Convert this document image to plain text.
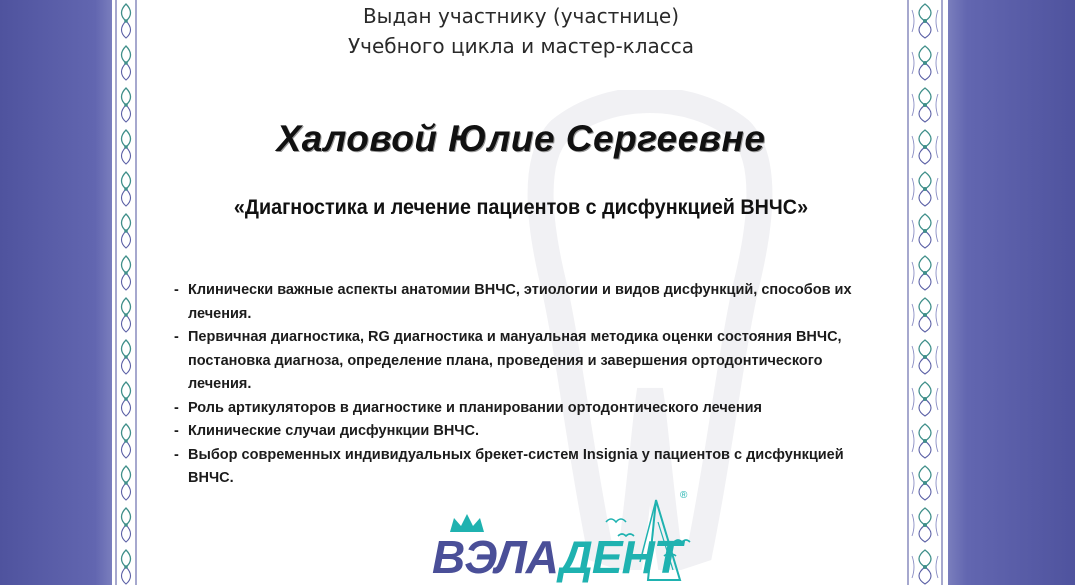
Выдан участнику (участнице)
Учебного цикла и мастер-класса
Халовой Юлие Сергеевне
«Диагностика и лечение пациентов с дисфункцией ВНЧС»
- Клинически важные аспекты анатомии ВНЧС, этиологии и видов дисфункций, способов их лечения.
- Первичная диагностика, RG диагностика и мануальная методика оценки состояния ВНЧС, постановка диагноза, определение плана, проведения и завершения ортодонтического лечения.
- Роль артикуляторов в диагностике и планировании ортодонтического лечения
- Клинические случаи дисфункции ВНЧС.
- Выбор современных индивидуальных брекет-систем Insignia у пациентов с дисфункцией ВНЧС.
ВЭЛАДЕНТ
®
